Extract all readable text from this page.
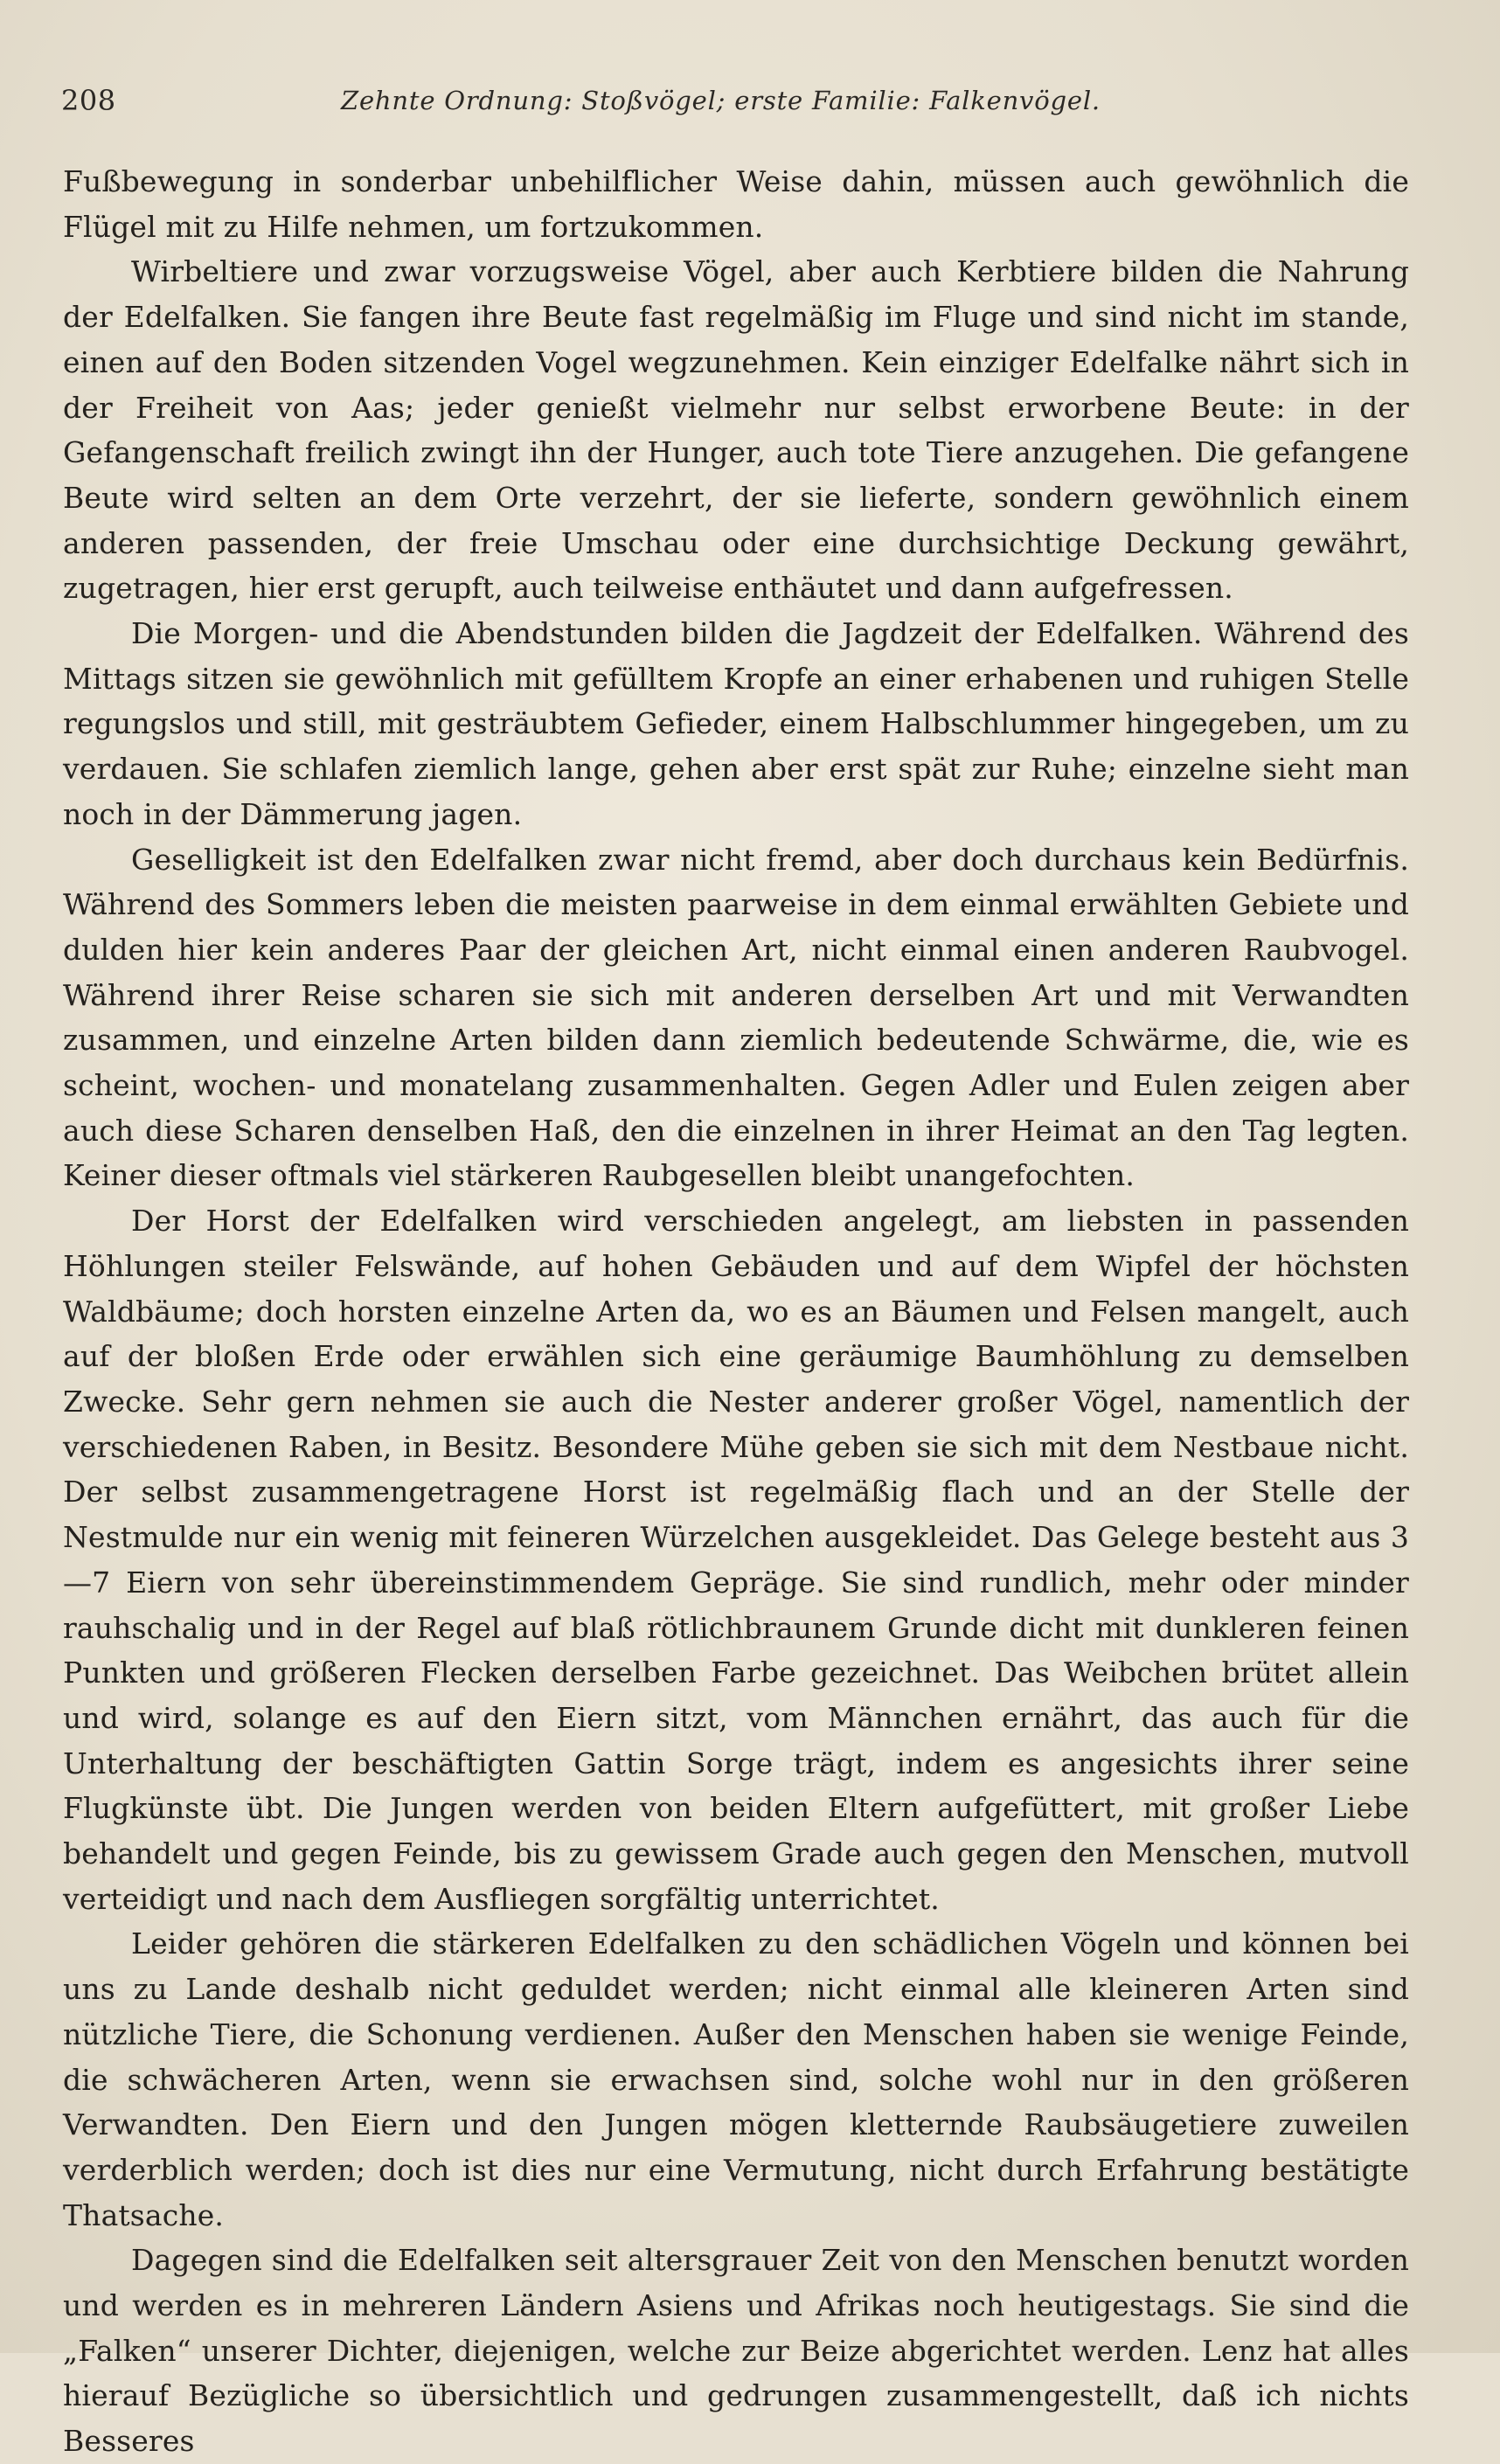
208	Zehnte Ordnung: Stoßvögel; erste Familie: Falkenvögel.

Fußbewegung in sonderbar unbehilflicher Weise dahin, müssen auch gewöhnlich die Flügel mit zu Hilfe nehmen, um fortzukommen.

Wirbeltiere und zwar vorzugsweise Vögel, aber auch Kerbtiere bilden die Nahrung der Edelfalken. Sie fangen ihre Beute fast regelmäßig im Fluge und sind nicht im stande, einen auf den Boden sitzenden Vogel wegzunehmen. Kein einziger Edelfalke nährt sich in der Freiheit von Aas; jeder genießt vielmehr nur selbst erworbene Beute: in der Gefangenschaft freilich zwingt ihn der Hunger, auch tote Tiere anzugehen. Die gefangene Beute wird selten an dem Orte verzehrt, der sie lieferte, sondern gewöhnlich einem anderen passenden, der freie Umschau oder eine durchsichtige Deckung gewährt, zugetragen, hier erst gerupft, auch teilweise enthäutet und dann aufgefressen.

Die Morgen- und die Abendstunden bilden die Jagdzeit der Edelfalken. Während des Mittags sitzen sie gewöhnlich mit gefülltem Kropfe an einer erhabenen und ruhigen Stelle regungslos und still, mit gesträubtem Gefieder, einem Halbschlummer hingegeben, um zu verdauen. Sie schlafen ziemlich lange, gehen aber erst spät zur Ruhe; einzelne sieht man noch in der Dämmerung jagen.

Geselligkeit ist den Edelfalken zwar nicht fremd, aber doch durchaus kein Bedürfnis. Während des Sommers leben die meisten paarweise in dem einmal erwählten Gebiete und dulden hier kein anderes Paar der gleichen Art, nicht einmal einen anderen Raubvogel. Während ihrer Reise scharen sie sich mit anderen derselben Art und mit Verwandten zusammen, und einzelne Arten bilden dann ziemlich bedeutende Schwärme, die, wie es scheint, wochen- und monatelang zusammenhalten. Gegen Adler und Eulen zeigen aber auch diese Scharen denselben Haß, den die einzelnen in ihrer Heimat an den Tag legten. Keiner dieser oftmals viel stärkeren Raubgesellen bleibt unangefochten.

Der Horst der Edelfalken wird verschieden angelegt, am liebsten in passenden Höhlungen steiler Felswände, auf hohen Gebäuden und auf dem Wipfel der höchsten Waldbäume; doch horsten einzelne Arten da, wo es an Bäumen und Felsen mangelt, auch auf der bloßen Erde oder erwählen sich eine geräumige Baumhöhlung zu demselben Zwecke. Sehr gern nehmen sie auch die Nester anderer großer Vögel, namentlich der verschiedenen Raben, in Besitz. Besondere Mühe geben sie sich mit dem Nestbaue nicht. Der selbst zusammengetragene Horst ist regelmäßig flach und an der Stelle der Nestmulde nur ein wenig mit feineren Würzelchen ausgekleidet. Das Gelege besteht aus 3—7 Eiern von sehr übereinstimmendem Gepräge. Sie sind rundlich, mehr oder minder rauhschalig und in der Regel auf blaß rötlichbraunem Grunde dicht mit dunkleren feinen Punkten und größeren Flecken derselben Farbe gezeichnet. Das Weibchen brütet allein und wird, solange es auf den Eiern sitzt, vom Männchen ernährt, das auch für die Unterhaltung der beschäftigten Gattin Sorge trägt, indem es angesichts ihrer seine Flugkünste übt. Die Jungen werden von beiden Eltern aufgefüttert, mit großer Liebe behandelt und gegen Feinde, bis zu gewissem Grade auch gegen den Menschen, mutvoll verteidigt und nach dem Ausfliegen sorgfältig unterrichtet.

Leider gehören die stärkeren Edelfalken zu den schädlichen Vögeln und können bei uns zu Lande deshalb nicht geduldet werden; nicht einmal alle kleineren Arten sind nützliche Tiere, die Schonung verdienen. Außer den Menschen haben sie wenige Feinde, die schwächeren Arten, wenn sie erwachsen sind, solche wohl nur in den größeren Verwandten. Den Eiern und den Jungen mögen kletternde Raubsäugetiere zuweilen verderblich werden; doch ist dies nur eine Vermutung, nicht durch Erfahrung bestätigte Thatsache.

Dagegen sind die Edelfalken seit altersgrauer Zeit von den Menschen benutzt worden und werden es in mehreren Ländern Asiens und Afrikas noch heutigestags. Sie sind die „Falken“ unserer Dichter, diejenigen, welche zur Beize abgerichtet werden. Lenz hat alles hierauf Bezügliche so übersichtlich und gedrungen zusammengestellt, daß ich nichts Besseres
